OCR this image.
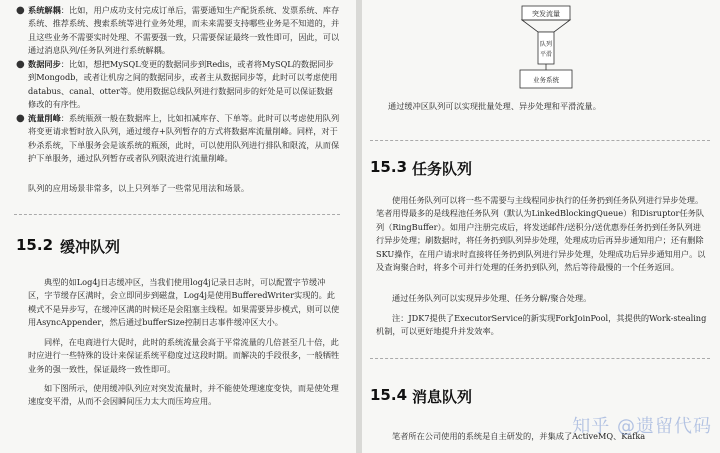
● 系统解耦：比如，用户成功支付完成订单后，需要通知生产配货系统、发票系统、库存系统、推荐系统、搜索系统等进行业务处理，而未来需要支持哪些业务是不知道的，并且这些业务不需要实时处理、不需要强一致，只需要保证最终一致性即可，因此，可以通过消息队列/任务队列进行系统解耦。
● 数据同步：比如，想把MySQL变更的数据同步到Redis，或者将MySQL的数据同步到Mongodb，或者让机房之间的数据同步，或者主从数据同步等，此时可以考虑使用databus、canal、otter等。使用数据总线队列进行数据同步的好处是可以保证数据修改的有序性。
● 流量削峰：系统瓶颈一般在数据库上，比如扣减库存、下单等。此时可以考虑使用队列将变更请求暂时放入队列，通过缓存+队列暂存的方式将数据库流量削峰。同样，对于秒杀系统，下单服务会是该系统的瓶颈，此时，可以使用队列进行排队和限流，从而保护下单服务，通过队列暂存或者队列限流进行流量削峰。
队列的应用场景非常多，以上只列举了一些常见用法和场景。
15.2 缓冲队列
典型的如Log4j日志缓冲区，当我们使用log4j记录日志时，可以配置字节缓冲区，字节缓存区满时，会立即同步到磁盘，Log4j是使用BufferedWriter实现的。此模式不是异步写，在缓冲区满的时候还是会阻塞主线程。如果需要异步模式，则可以使用AsyncAppender，然后通过bufferSize控制日志事件缓冲区大小。
同样，在电商进行大促时，此时的系统流量会高于平常流量的几倍甚至几十倍，此时应进行一些特殊的设计来保证系统平稳度过这段时期。而解决的手段很多，一般牺牲业务的强一致性，保证最终一致性即可。
如下图所示，使用缓冲队列应对突发流量时，并不能使处理速度变快，而是使处理速度变平滑，从而不会因瞬间压力太大而压垮应用。
突发流量
队列
平滑
业务系统
通过缓冲区队列可以实现批量处理、异步处理和平滑流量。
15.3 任务队列
使用任务队列可以将一些不需要与主线程同步执行的任务扔到任务队列进行异步处理。笔者用得最多的是线程池任务队列（默认为LinkedBlockingQueue）和Disruptor任务队列（RingBuffer）。如用户注册完成后，将发送邮件/送积分/送优惠券任务扔到任务队列进行异步处理；刷数据时，将任务扔到队列异步处理，处理成功后再异步通知用户；还有删除SKU操作，在用户请求时直接将任务扔到队列进行异步处理，处理成功后异步通知用户。以及查询聚合时，将多个可并行处理的任务扔到队列，然后等待最慢的一个任务返回。
通过任务队列可以实现异步处理、任务分解/聚合处理。
注：JDK7提供了ExecutorService的新实现ForkJoinPool，其提供的Work-stealing机制，可以更好地提升并发效率。
15.4 消息队列
笔者所在公司使用的系统是自主研发的，并集成了ActiveMQ、Kafka
知乎 @遗留代码
